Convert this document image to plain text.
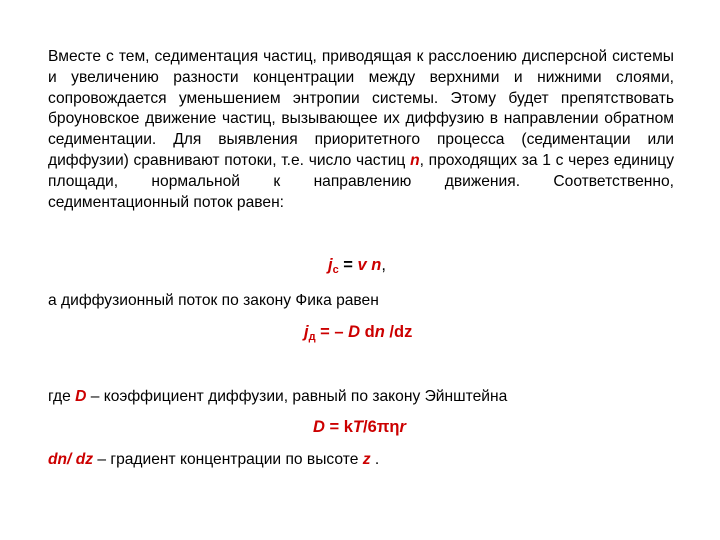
Вместе с тем, седиментация частиц, приводящая к расслоению дисперсной системы и увеличению разности концентрации между верхними и нижними слоями, сопровождается уменьшением энтропии системы. Этому будет препятствовать броуновское движение частиц, вызывающее их диффузию в направлении обратном седиментации. Для выявления приоритетного процесса (седиментации или диффузии) сравнивают потоки, т.е. число частиц n, проходящих за 1 с через единицу площади, нормальной к направлению движения. Соответственно, седиментационный поток равен:
$j_с = v$ n,
а диффузионный поток по закону Фика равен
$j_д$ = – D dn /dz
где D – коэффициент диффузии, равный по закону Эйнштейна
D = kT/6πηr
dn/ dz – градиент концентрации по высоте z .
